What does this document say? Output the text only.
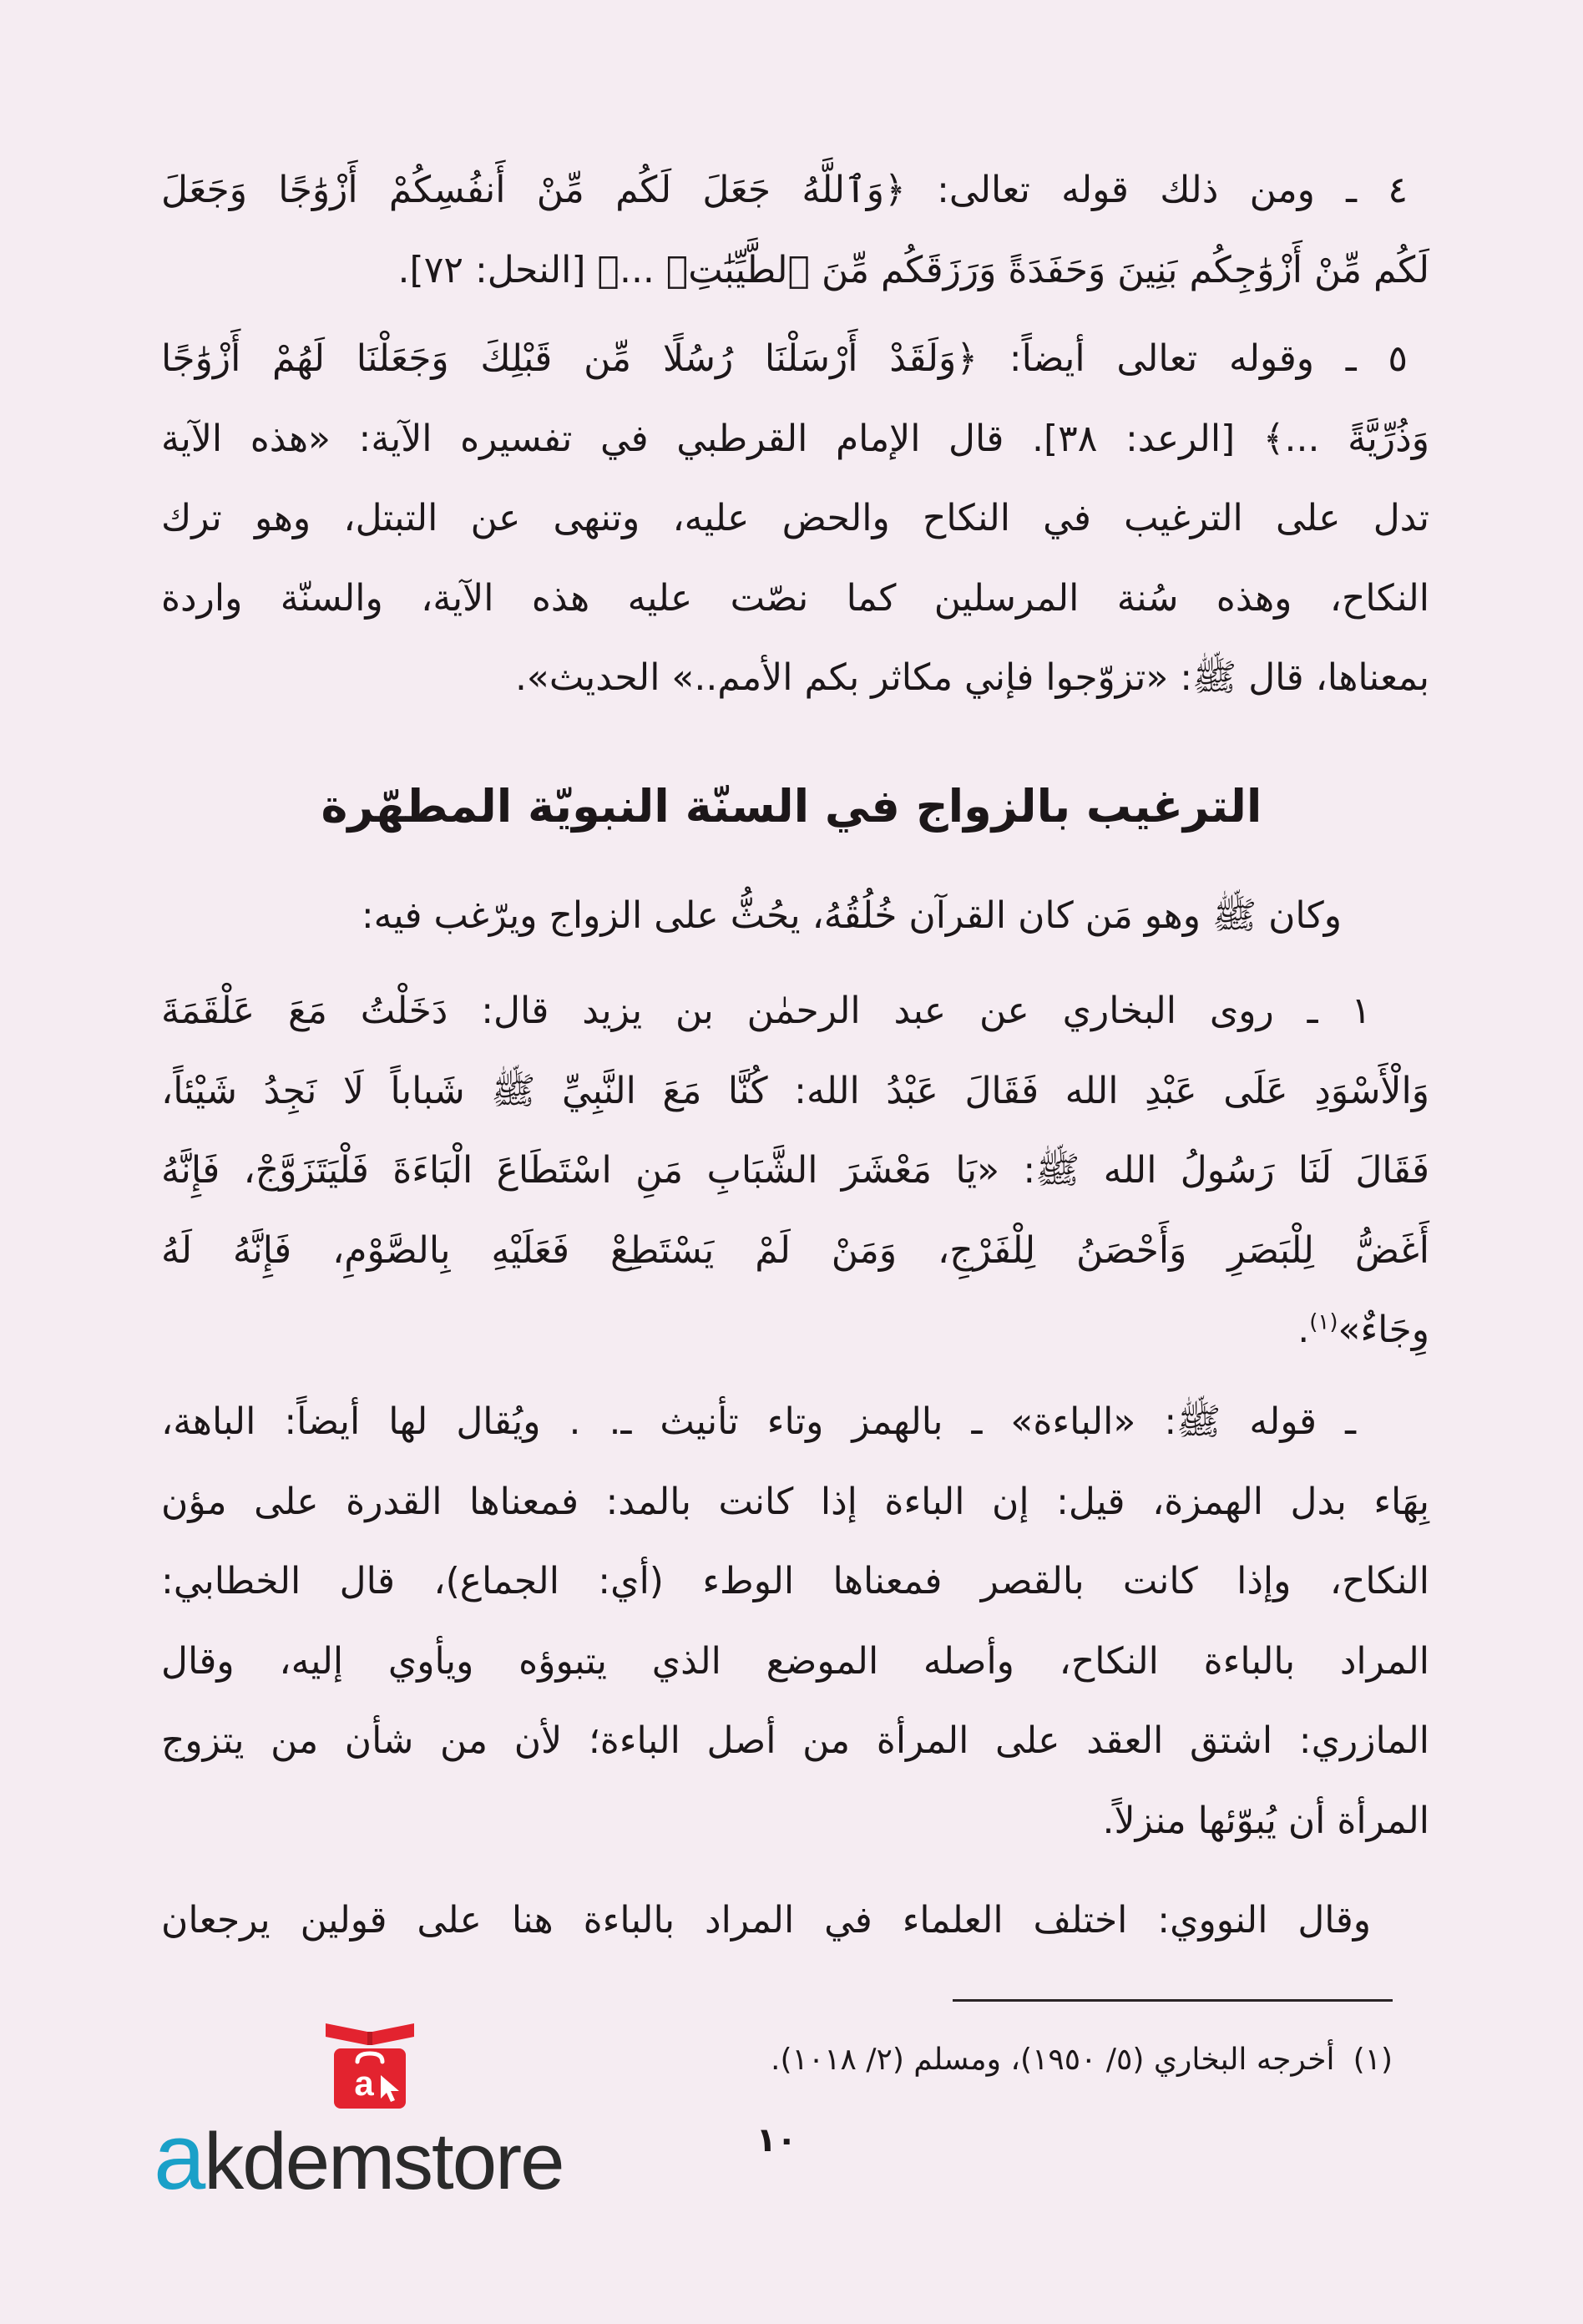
٤ ـ ومن ذلك قوله تعالى: ﴿وَٱللَّهُ جَعَلَ لَكُم مِّنْ أَنفُسِكُمْ أَزْوَٰجًا وَجَعَلَ
لَكُم مِّنْ أَزْوَٰجِكُم بَنِينَ وَحَفَدَةً وَرَزَقَكُم مِّنَ ٱلطَّيِّبَٰتِۚ ...﴾ [النحل: ٧٢].
٥ ـ وقوله تعالى أيضاً: ﴿وَلَقَدْ أَرْسَلْنَا رُسُلًا مِّن قَبْلِكَ وَجَعَلْنَا لَهُمْ أَزْوَٰجًا
وَذُرِّيَّةً ...﴾ [الرعد: ٣٨]. قال الإمام القرطبي في تفسيره الآية: «هذه الآية
تدل على الترغيب في النكاح والحض عليه، وتنهى عن التبتل، وهو ترك
النكاح، وهذه سُنة المرسلين كما نصّت عليه هذه الآية، والسنّة واردة
بمعناها، قال ﷺ: «تزوّجوا فإني مكاثر بكم الأمم..» الحديث».
الترغيب بالزواج في السنّة النبويّة المطهّرة
وكان ﷺ وهو مَن كان القرآن خُلُقُهُ، يحُثُّ على الزواج ويرّغب فيه:
١ ـ روى البخاري عن عبد الرحمٰن بن يزيد قال: دَخَلْتُ مَعَ عَلْقَمَةَ
وَالْأَسْوَدِ عَلَى عَبْدِ الله فَقَالَ عَبْدُ الله: كُنَّا مَعَ النَّبِيِّ ﷺ شَباباً لَا نَجِدُ شَيْئاً،
فَقَالَ لَنَا رَسُولُ الله ﷺ: «يَا مَعْشَرَ الشَّبَابِ مَنِ اسْتَطَاعَ الْبَاءَةَ فَلْيَتَزَوَّجْ، فَإِنَّهُ
أَغَضُّ لِلْبَصَرِ وَأَحْصَنُ لِلْفَرْجِ، وَمَنْ لَمْ يَسْتَطِعْ فَعَلَيْهِ بِالصَّوْمِ، فَإِنَّهُ لَهُ
وِجَاءٌ»$^{(١)}$.
ـ قوله ﷺ: «الباءة» ـ بالهمز وتاء تأنيث ـ. . ويُقال لها أيضاً: الباهة،
بِهَاء بدل الهمزة، قيل: إن الباءة إذا كانت بالمد: فمعناها القدرة على مؤن
النكاح، وإذا كانت بالقصر فمعناها الوطء (أي: الجماع)، قال الخطابي:
المراد بالباءة النكاح، وأصله الموضع الذي يتبوؤه ويأوي إليه، وقال
المازري: اشتق العقد على المرأة من أصل الباءة؛ لأن من شأن من يتزوج
المرأة أن يُبوّئها منزلاً.
وقال النووي: اختلف العلماء في المراد بالباءة هنا على قولين يرجعان
(١)أخرجه البخاري (٥/ ١٩٥٠)، ومسلم (٢/ ١٠١٨).
١٠
a
akdemstore
